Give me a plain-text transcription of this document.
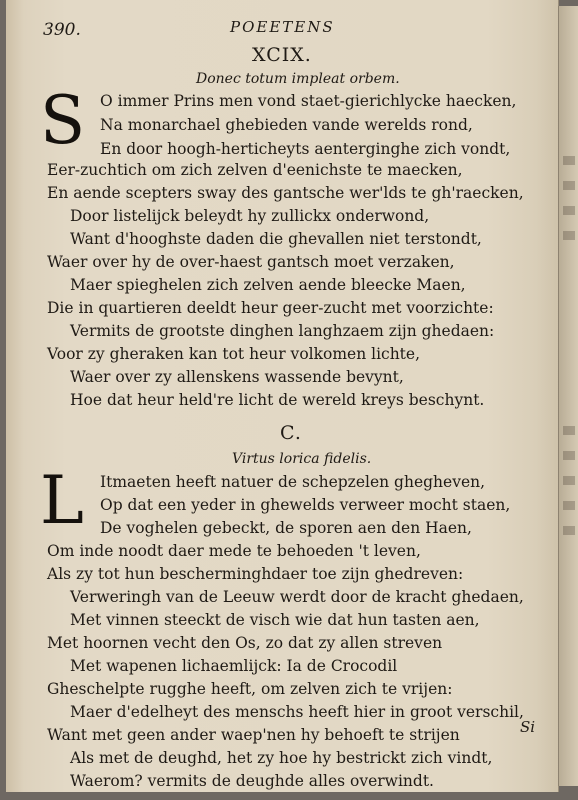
390.	POEETENS
XCIX.
Donec totum impleat orbem.
S O immer Prins men vond staet-gierichlycke haecken,
Na monarchael ghebieden vande werelds rond,
En door hoogh-herticheyts aenterginghe zich vondt,
Eer-zuchtich om zich zelven d'eenichste te maecken,
En aende scepters sway des gantsche wer'lds te gh'raecken,
Door listelijck beleydt hy zullickx onderwond,
Want d'hooghste daden die ghevallen niet terstondt,
Waer over hy de over-haest gantsch moet verzaken,
Maer spieghelen zich zelven aende bleecke Maen,
Die in quartieren deeldt heur geer-zucht met voorzichte:
Vermits de grootste dinghen langhzaem zijn ghedaen:
Voor zy gheraken kan tot heur volkomen lichte,
Waer over zy allenskens wassende bevynt,
Hoe dat heur held're licht de wereld kreys beschynt.
C.
Virtus lorica fidelis.
L Itmaeten heeft natuer de schepzelen ghegheven,
Op dat een yeder in ghewelds verweer mocht staen,
De voghelen gebeckt, de sporen aen den Haen,
Om inde noodt daer mede te behoeden 't leven,
Als zy tot hun bescherminghdaer toe zijn ghedreven:
Verweringh van de Leeuw werdt door de kracht ghedaen,
Met vinnen steeckt de visch wie dat hun tasten aen,
Met hoornen vecht den Os, zo dat zy allen streven
Met wapenen lichaemlijck: Ia de Crocodil
Gheschelpte rugghe heeft, om zelven zich te vrijen:
Maer d'edelheyt des menschs heeft hier in groot verschil,
Want met geen ander waep'nen hy behoeft te strijen
Als met de deughd, het zy hoe hy bestrickt zich vindt,
Waerom? vermits de deughde alles overwindt.
Si
